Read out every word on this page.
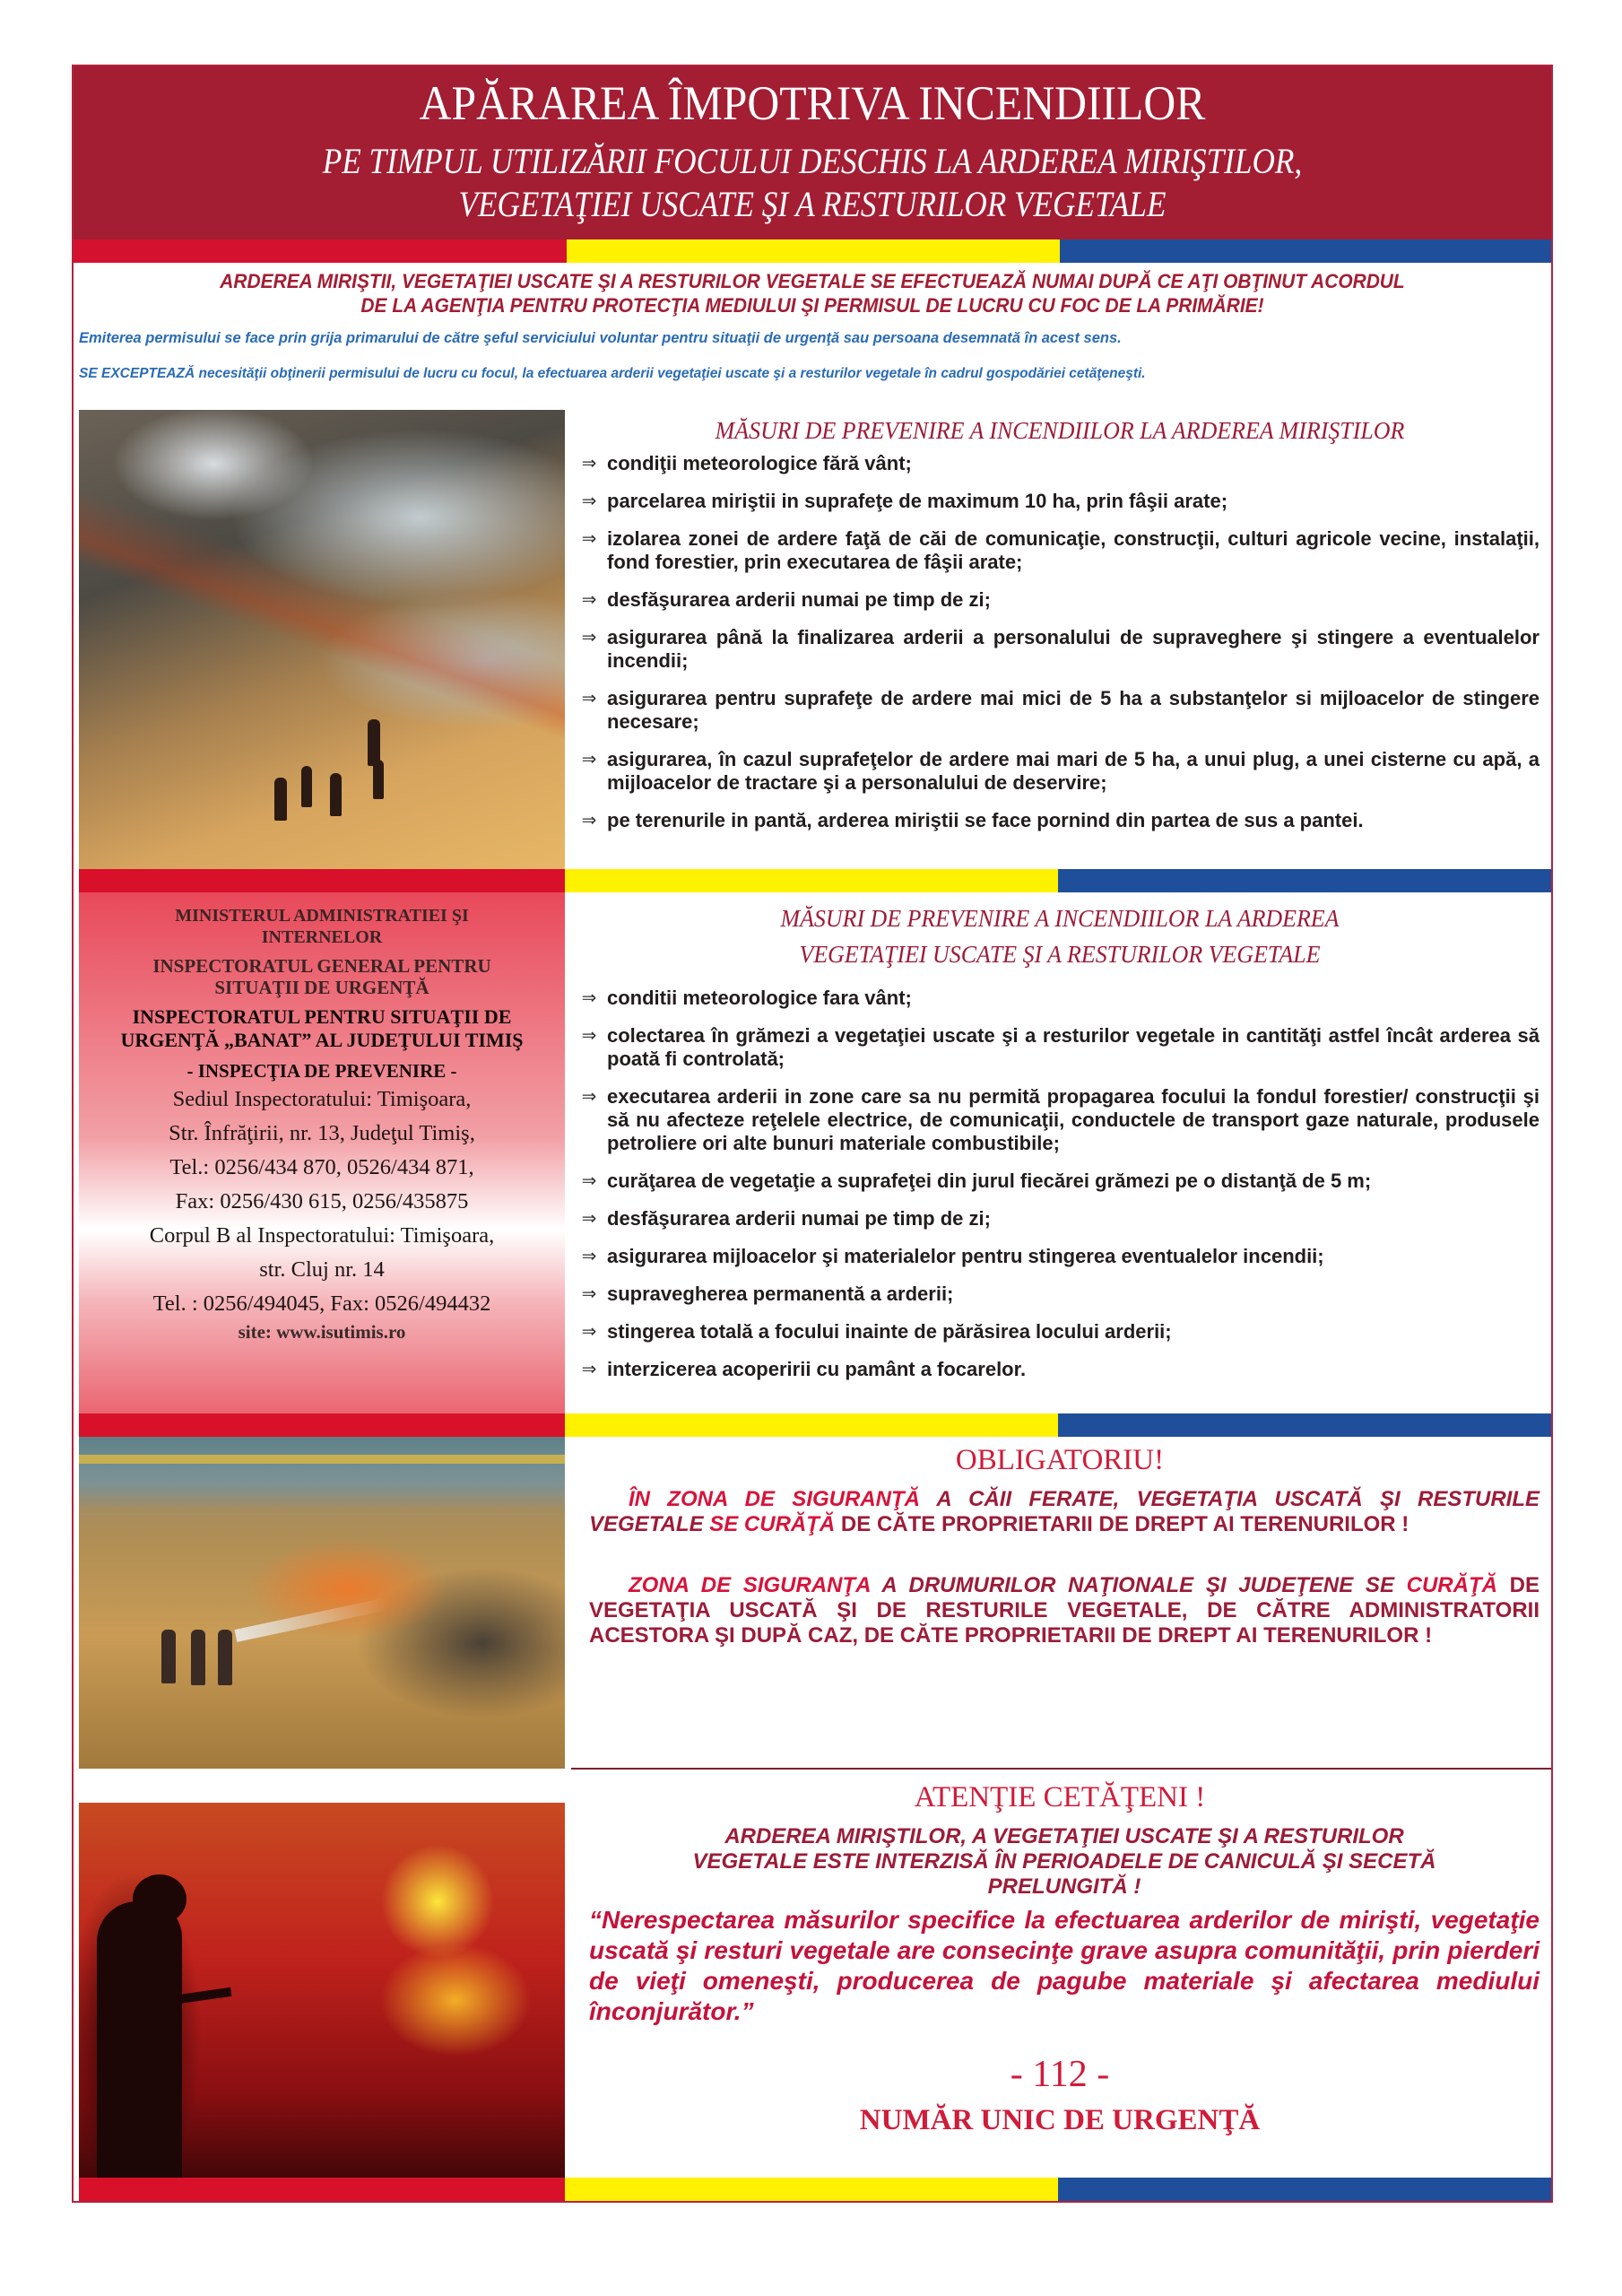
APĂRAREA ÎMPOTRIVA INCENDIILOR
PE TIMPUL UTILIZĂRII FOCULUI DESCHIS LA ARDEREA MIRIŞTILOR,
VEGETAŢIEI USCATE ŞI A RESTURILOR VEGETALE
ARDEREA MIRIŞTII, VEGETAŢIEI USCATE ŞI A RESTURILOR VEGETALE SE EFECTUEAZĂ NUMAI DUPĂ CE AŢI OBŢINUT ACORDUL
DE LA AGENŢIA PENTRU PROTECŢIA MEDIULUI ŞI PERMISUL DE LUCRU CU FOC DE LA PRIMĂRIE!
Emiterea permisului se face prin grija primarului de către şeful serviciului voluntar pentru situaţii de urgenţă sau persoana desemnată în acest sens.
SE EXCEPTEAZĂ necesităţii obţinerii permisului de lucru cu focul, la efectuarea arderii vegetaţiei uscate şi a resturilor vegetale în cadrul gospodăriei cetăţeneşti.
MĂSURI DE PREVENIRE A INCENDIILOR LA ARDEREA MIRIŞTILOR
⇒ condiţii meteorologice fără vânt;
⇒ parcelarea miriştii in suprafeţe de maximum 10 ha, prin fâşii arate;
⇒ izolarea zonei de ardere faţă de căi de comunicaţie, construcţii, culturi agricole vecine, instalaţii, fond forestier, prin executarea de fâşii arate;
⇒ desfăşurarea arderii numai pe timp de zi;
⇒ asigurarea până la finalizarea arderii a personalului de supraveghere şi stingere a eventualelor incendii;
⇒ asigurarea pentru suprafeţe de ardere mai mici de 5 ha a substanţelor si mijloacelor de stingere necesare;
⇒ asigurarea, în cazul suprafeţelor de ardere mai mari de 5 ha, a unui plug, a unei cisterne cu apă, a mijloacelor de tractare şi a personalului de deservire;
⇒ pe terenurile in pantă, arderea miriştii se face pornind din partea de sus a pantei.
MINISTERUL ADMINISTRATIEI ŞI
INTERNELOR
INSPECTORATUL GENERAL PENTRU
SITUAŢII DE URGENŢĂ
INSPECTORATUL PENTRU SITUAŢII DE
URGENŢĂ „BANAT” AL JUDEŢULUI TIMIŞ
- INSPECŢIA DE PREVENIRE -
Sediul Inspectoratului: Timişoara,
Str. Înfrăţirii, nr. 13, Judeţul Timiş,
Tel.: 0256/434 870, 0526/434 871,
Fax: 0256/430 615, 0256/435875
Corpul B al Inspectoratului: Timişoara,
str. Cluj nr. 14
Tel. : 0256/494045, Fax: 0526/494432
site: www.isutimis.ro
MĂSURI DE PREVENIRE A INCENDIILOR LA ARDEREA
VEGETAŢIEI USCATE ŞI A RESTURILOR VEGETALE
⇒ conditii meteorologice fara vânt;
⇒ colectarea în grămezi a vegetaţiei uscate şi a resturilor vegetale in cantităţi astfel încât arderea să poată fi controlată;
⇒ executarea arderii in zone care sa nu permită propagarea focului la fondul forestier/ construcţii şi să nu afecteze reţelele electrice, de comunicaţii, conductele de transport gaze naturale, produsele petroliere ori alte bunuri materiale combustibile;
⇒ curăţarea de vegetaţie a suprafeţei din jurul fiecărei grămezi pe o distanţă de 5 m;
⇒ desfăşurarea arderii numai pe timp de zi;
⇒ asigurarea mijloacelor şi materialelor pentru stingerea eventualelor incendii;
⇒ supravegherea permanentă a arderii;
⇒ stingerea totală a focului inainte de părăsirea locului arderii;
⇒ interzicerea acoperirii cu pamânt a focarelor.
OBLIGATORIU!
ÎN ZONA DE SIGURANŢĂ A CĂII FERATE, VEGETAŢIA USCATĂ ŞI RESTURILE VEGETALE SE CURĂŢĂ DE CĂTE PROPRIETARII DE DREPT AI TERENURILOR !
ZONA DE SIGURANŢA A DRUMURILOR NAŢIONALE ŞI JUDEŢENE SE CURĂŢĂ DE VEGETAŢIA USCATĂ ŞI DE RESTURILE VEGETALE, DE CĂTRE ADMINISTRATORII ACESTORA ŞI DUPĂ CAZ, DE CĂTE PROPRIETARII DE DREPT AI TERENURILOR !
ATENŢIE CETĂŢENI !
ARDEREA MIRIŞTILOR, A VEGETAŢIEI USCATE ŞI A RESTURILOR
VEGETALE ESTE INTERZISĂ ÎN PERIOADELE DE CANICULĂ ŞI SECETĂ
PRELUNGITĂ !
“Nerespectarea măsurilor specifice la efectuarea arderilor de mirişti, vegetaţie uscată şi resturi vegetale are consecinţe grave asupra comunităţii, prin pierderi de vieţi omeneşti, producerea de pagube materiale şi afectarea mediului înconjurător.”
- 112 -
NUMĂR UNIC DE URGENŢĂ
